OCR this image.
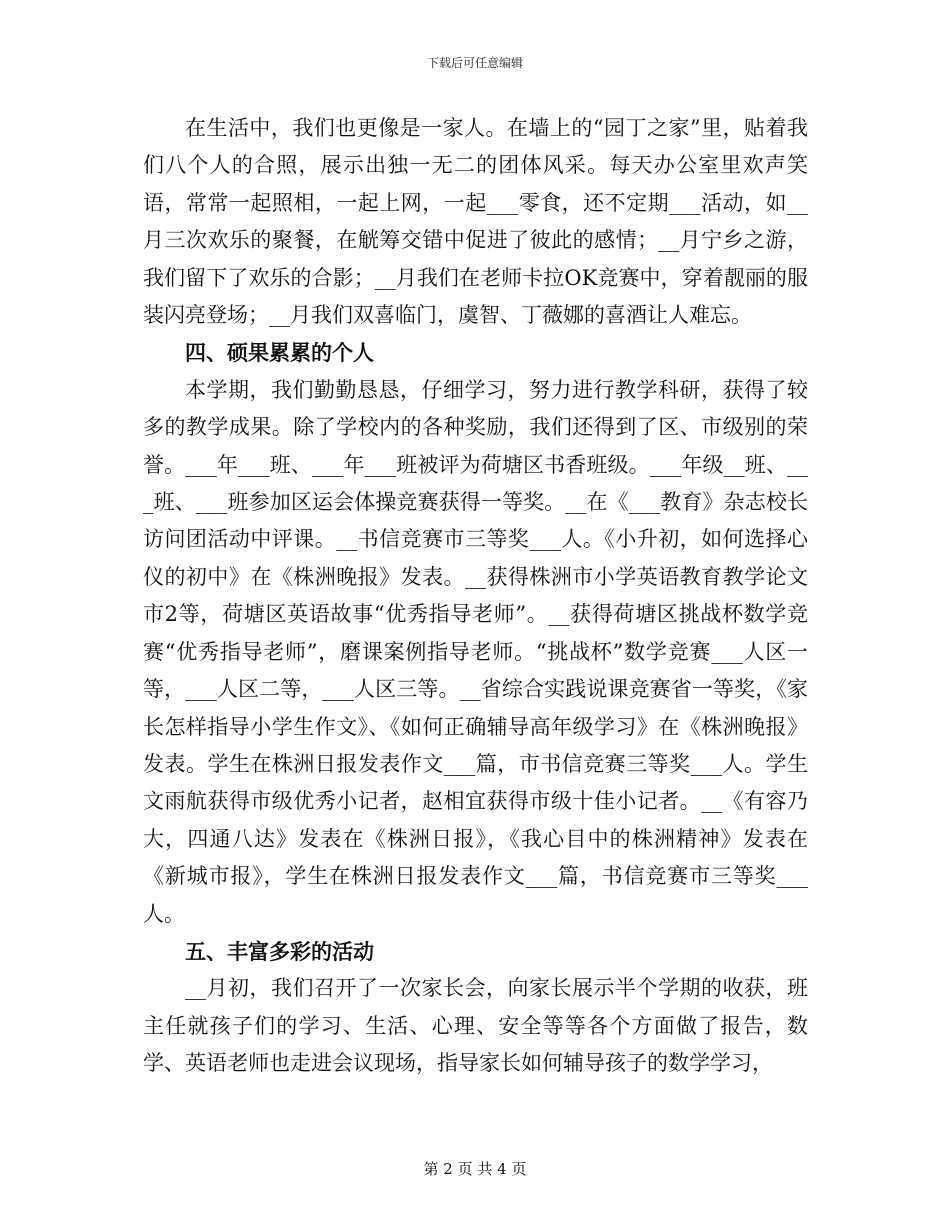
下载后可任意编辑

在生活中，我们也更像是一家人。在墙上的“园丁之家”里，贴着我们八个人的合照，展示出独一无二的团体风采。每天办公室里欢声笑语，常常一起照相，一起上网，一起___零食，还不定期___活动，如__月三次欢乐的聚餐，在觥筹交错中促进了彼此的感情；__月宁乡之游，我们留下了欢乐的合影；__月我们在老师卡拉OK竞赛中，穿着靓丽的服装闪亮登场；__月我们双喜临门，虞智、丁薇娜的喜酒让人难忘。

四、硕果累累的个人

本学期，我们勤勤恳恳，仔细学习，努力进行教学科研，获得了较多的教学成果。除了学校内的各种奖励，我们还得到了区、市级别的荣誉。___年___班、___年___班被评为荷塘区书香班级。___年级__班、___班、___班参加区运会体操竞赛获得一等奖。__在《___教育》杂志校长访问团活动中评课。__书信竞赛市三等奖___人。《小升初，如何选择心仪的初中》在《株洲晚报》发表。__获得株洲市小学英语教育教学论文市2等，荷塘区英语故事“优秀指导老师”。__获得荷塘区挑战杯数学竞赛“优秀指导老师”，磨课案例指导老师。“挑战杯”数学竞赛___人区一等，___人区二等，___人区三等。__省综合实践说课竞赛省一等奖，《家长怎样指导小学生作文》、《如何正确辅导高年级学习》在《株洲晚报》发表。学生在株洲日报发表作文___篇，市书信竞赛三等奖___人。学生文雨航获得市级优秀小记者，赵相宜获得市级十佳小记者。__《有容乃大，四通八达》发表在《株洲日报》，《我心目中的株洲精神》发表在《新城市报》，学生在株洲日报发表作文___篇，书信竞赛市三等奖___人。

五、丰富多彩的活动

__月初，我们召开了一次家长会，向家长展示半个学期的收获，班主任就孩子们的学习、生活、心理、安全等等各个方面做了报告，数学、英语老师也走进会议现场，指导家长如何辅导孩子的数学学习，

第 2 页 共 4 页
